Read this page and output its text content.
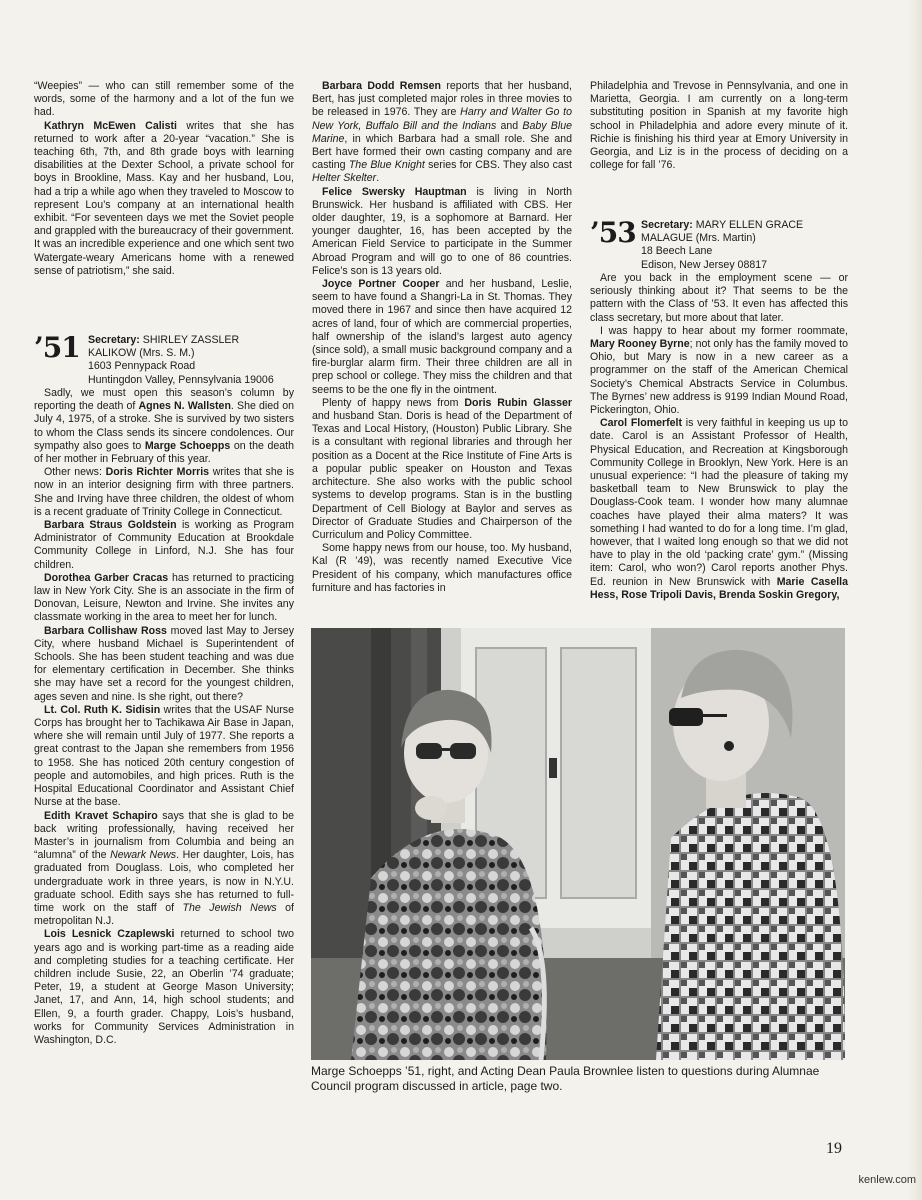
“Weepies” — who can still remember some of the words, some of the harmony and a lot of the fun we had.

Kathryn McEwen Calisti writes that she has returned to work after a 20-year “vacation.” She is teaching 6th, 7th, and 8th grade boys with learning disabilities at the Dexter School, a private school for boys in Brookline, Mass. Kay and her husband, Lou, had a trip a while ago when they traveled to Moscow to represent Lou’s company at an international health exhibit. “For seventeen days we met the Soviet people and grappled with the bureaucracy of their government. It was an incredible experience and one which sent two Watergate-weary Americans home with a renewed sense of patriotism,” she said.

’51 Secretary: SHIRLEY ZASSLER
KALIKOW (Mrs. S. M.)
1603 Pennypack Road
Huntingdon Valley, Pennsylvania 19006

Sadly, we must open this season’s column by reporting the death of Agnes N. Wallsten. She died on July 4, 1975, of a stroke. She is survived by two sisters to whom the Class sends its sincere condolences. Our sympathy also goes to Marge Schoepps on the death of her mother in February of this year.

Other news: Doris Richter Morris writes that she is now in an interior designing firm with three partners. She and Irving have three children, the oldest of whom is a recent graduate of Trinity College in Connecticut.

Barbara Straus Goldstein is working as Program Administrator of Community Education at Brookdale Community College in Linford, N.J. She has four children.

Dorothea Garber Cracas has returned to practicing law in New York City. She is an associate in the firm of Donovan, Leisure, Newton and Irvine. She invites any classmate working in the area to meet her for lunch.

Barbara Collishaw Ross moved last May to Jersey City, where husband Michael is Superintendent of Schools. She has been student teaching and was due for elementary certification in December. She thinks she may have set a record for the youngest children, ages seven and nine. Is she right, out there?

Lt. Col. Ruth K. Sidisin writes that the USAF Nurse Corps has brought her to Tachikawa Air Base in Japan, where she will remain until July of 1977. She reports a great contrast to the Japan she remembers from 1956 to 1958. She has noticed 20th century congestion of people and automobiles, and high prices. Ruth is the Hospital Educational Coordinator and Assistant Chief Nurse at the base.

Edith Kravet Schapiro says that she is glad to be back writing professionally, having received her Master’s in journalism from Columbia and being an “alumna” of the Newark News. Her daughter, Lois, has graduated from Douglass. Lois, who completed her undergraduate work in three years, is now in N.Y.U. graduate school. Edith says she has returned to full-time work on the staff of The Jewish News of metropolitan N.J.

Lois Lesnick Czaplewski returned to school two years ago and is working part-time as a reading aide and completing studies for a teaching certificate. Her children include Susie, 22, an Oberlin ’74 graduate; Peter, 19, a student at George Mason University; Janet, 17, and Ann, 14, high school students; and Ellen, 9, a fourth grader. Chappy, Lois’s husband, works for Community Services Administration in Washington, D.C.

Barbara Dodd Remsen reports that her husband, Bert, has just completed major roles in three movies to be released in 1976. They are Harry and Walter Go to New York, Buffalo Bill and the Indians and Baby Blue Marine, in which Barbara had a small role. She and Bert have formed their own casting company and are casting The Blue Knight series for CBS. They also cast Helter Skelter.

Felice Swersky Hauptman is living in North Brunswick. Her husband is affiliated with CBS. Her older daughter, 19, is a sophomore at Barnard. Her younger daughter, 16, has been accepted by the American Field Service to participate in the Summer Abroad Program and will go to one of 86 countries. Felice’s son is 13 years old.

Joyce Portner Cooper and her husband, Leslie, seem to have found a Shangri-La in St. Thomas. They moved there in 1967 and since then have acquired 12 acres of land, four of which are commercial properties, half ownership of the island’s largest auto agency (since sold), a small music background company and a fire-burglar alarm firm. Their three children are all in prep school or college. They miss the children and that seems to be the one fly in the ointment.

Plenty of happy news from Doris Rubin Glasser and husband Stan. Doris is head of the Department of Texas and Local History, (Houston) Public Library. She is a consultant with regional libraries and through her position as a Docent at the Rice Institute of Fine Arts is a popular public speaker on Houston and Texas architecture. She also works with the public school systems to develop programs. Stan is in the bustling Department of Cell Biology at Baylor and serves as Director of Graduate Studies and Chairperson of the Curriculum and Policy Committee.

Some happy news from our house, too. My husband, Kal (R ’49), was recently named Executive Vice President of his company, which manufactures office furniture and has factories in

Philadelphia and Trevose in Pennsylvania, and one in Marietta, Georgia. I am currently on a long-term substituting position in Spanish at my favorite high school in Philadelphia and adore every minute of it. Richie is finishing his third year at Emory University in Georgia, and Liz is in the process of deciding on a college for fall ’76.

’53 Secretary: MARY ELLEN GRACE
MALAGUE (Mrs. Martin)
18 Beech Lane
Edison, New Jersey 08817

Are you back in the employment scene — or seriously thinking about it? That seems to be the pattern with the Class of ’53. It even has affected this class secretary, but more about that later.

I was happy to hear about my former roommate, Mary Rooney Byrne; not only has the family moved to Ohio, but Mary is now in a new career as a programmer on the staff of the American Chemical Society’s Chemical Abstracts Service in Columbus. The Byrnes’ new address is 9199 Indian Mound Road, Pickerington, Ohio.

Carol Flomerfelt is very faithful in keeping us up to date. Carol is an Assistant Professor of Health, Physical Education, and Recreation at Kingsborough Community College in Brooklyn, New York. Here is an unusual experience: “I had the pleasure of taking my basketball team to New Brunswick to play the Douglass-Cook team. I wonder how many alumnae coaches have played their alma maters? It was something I had wanted to do for a long time. I’m glad, however, that I waited long enough so that we did not have to play in the old ‘packing crate’ gym.” (Missing item: Carol, who won?) Carol reports another Phys. Ed. reunion in New Brunswick with Marie Casella Hess, Rose Tripoli Davis, Brenda Soskin Gregory,

Marge Schoepps ’51, right, and Acting Dean Paula Brownlee listen to questions during Alumnae Council program discussed in article, page two.
19
kenlew.com
